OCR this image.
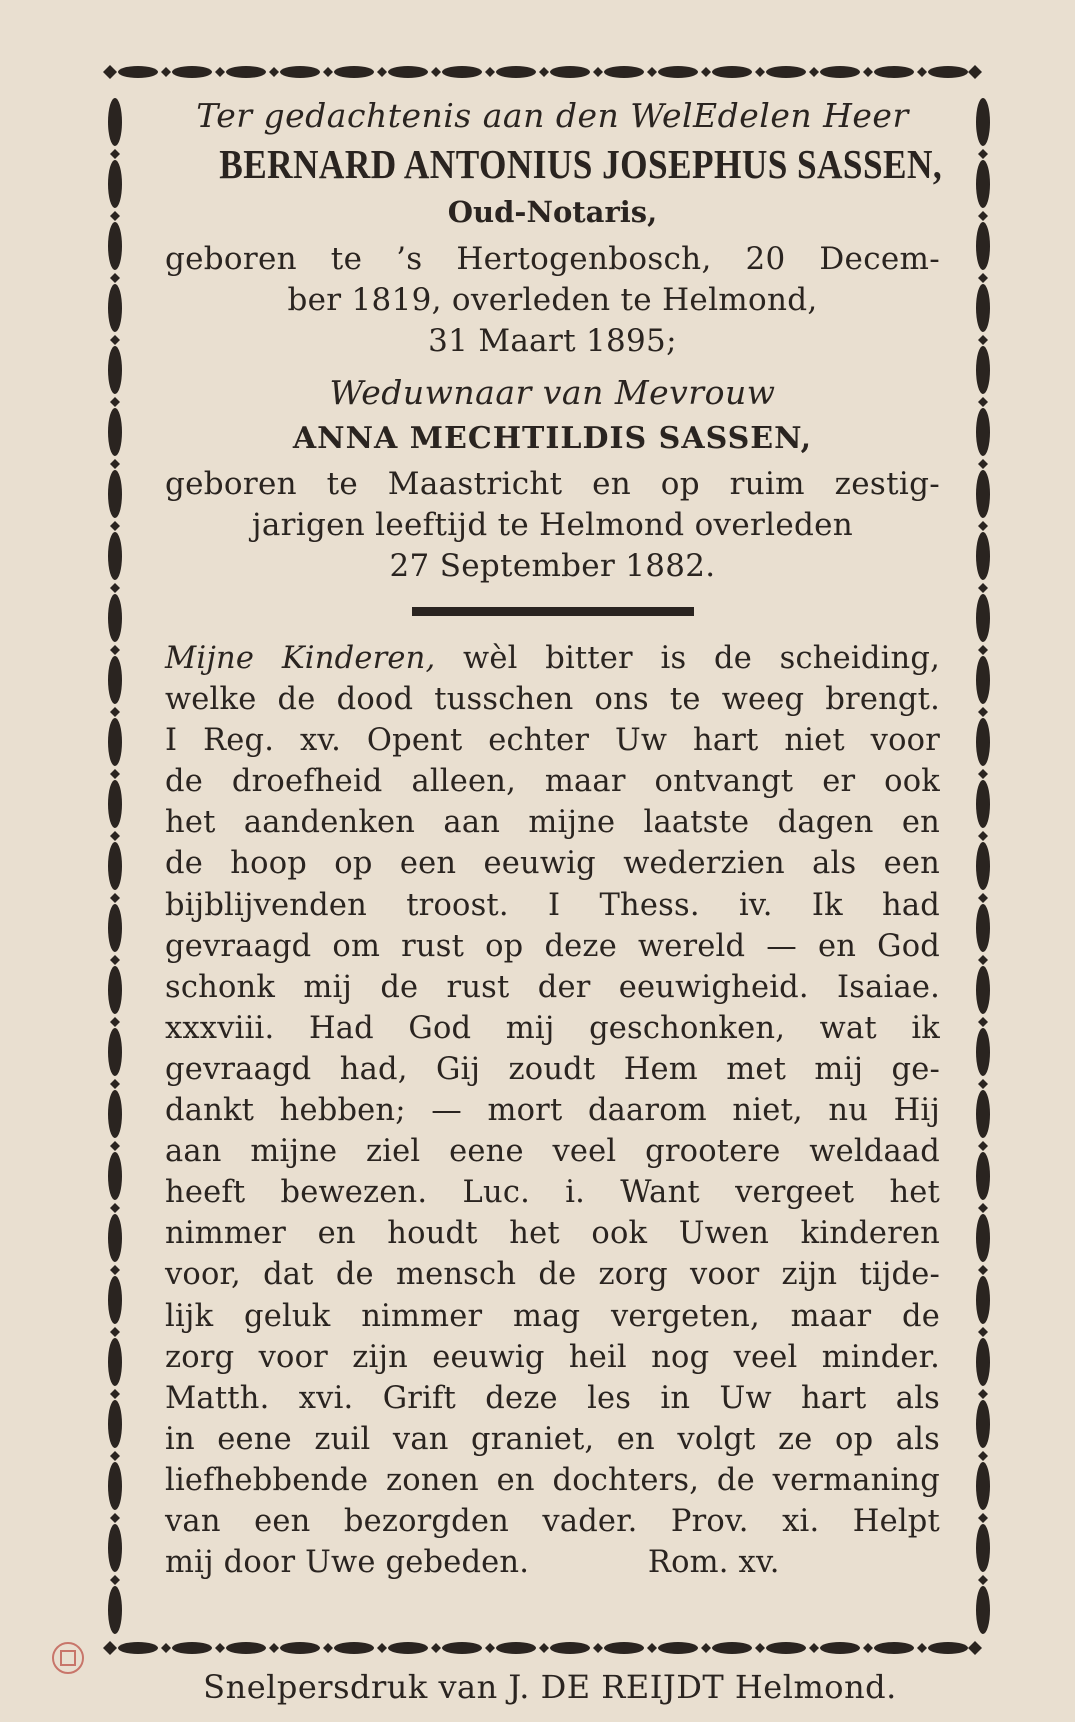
Ter gedachtenis aan den WelEdelen Heer

BERNARD ANTONIUS JOSEPHUS SASSEN,

Oud-Notaris,

geboren te ’s Hertogenbosch, 20 Decem-

ber 1819, overleden te Helmond,

31 Maart 1895;

Weduwnaar van Mevrouw

ANNA MECHTILDIS SASSEN,

geboren te Maastricht en op ruim zestig-

jarigen leeftijd te Helmond overleden

27 September 1882.

Mijne Kinderen, wèl bitter is de scheiding,

welke de dood tusschen ons te weeg brengt.

I Reg. xv. Opent echter Uw hart niet voor

de droefheid alleen, maar ontvangt er ook

het aandenken aan mijne laatste dagen en

de hoop op een eeuwig wederzien als een

bijblijvenden troost. I Thess. iv. Ik had

gevraagd om rust op deze wereld — en God

schonk mij de rust der eeuwigheid. Isaiae.

xxxviii. Had God mij geschonken, wat ik

gevraagd had, Gij zoudt Hem met mij ge-

dankt hebben; — mort daarom niet, nu Hij

aan mijne ziel eene veel grootere weldaad

heeft bewezen. Luc. i. Want vergeet het

nimmer en houdt het ook Uwen kinderen

voor, dat de mensch de zorg voor zijn tijde-

lijk geluk nimmer mag vergeten, maar de

zorg voor zijn eeuwig heil nog veel minder.

Matth. xvi. Grift deze les in Uw hart als

in eene zuil van graniet, en volgt ze op als

liefhebbende zonen en dochters, de vermaning

van een bezorgden vader. Prov. xi. Helpt

mij door Uwe gebeden.            Rom. xv.

Snelpersdruk van J. DE REIJDT Helmond.
